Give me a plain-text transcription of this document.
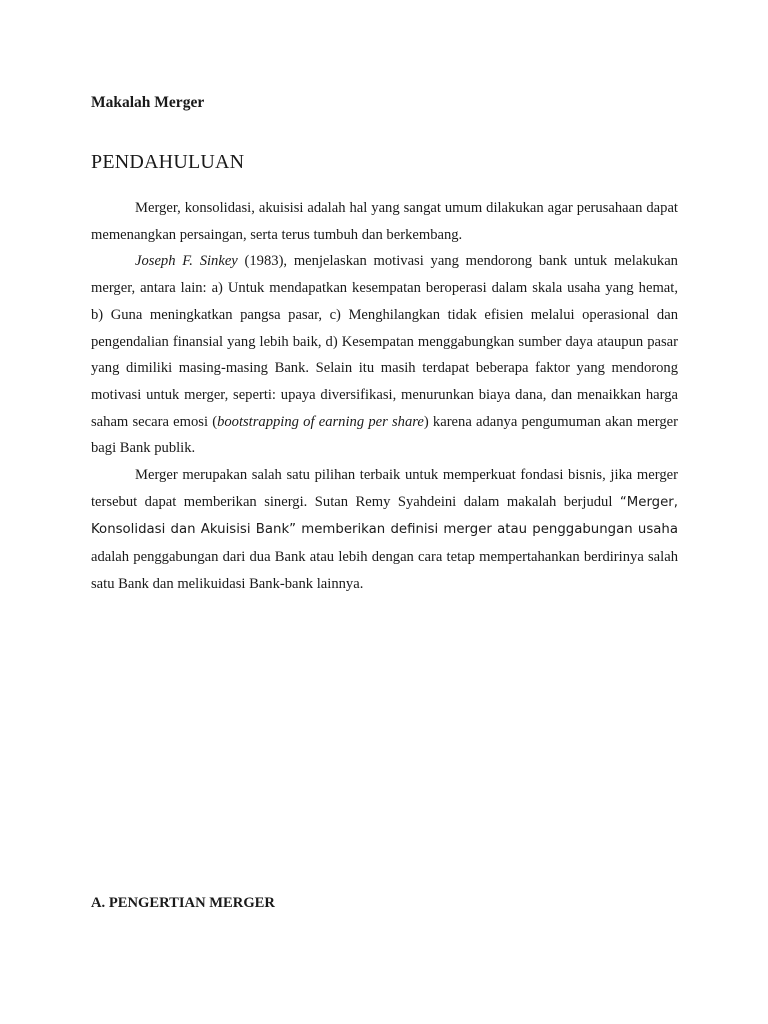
Makalah Merger
PENDAHULUAN

Merger, konsolidasi, akuisisi adalah hal yang sangat umum dilakukan agar perusahaan dapat memenangkan persaingan, serta terus tumbuh dan berkembang.

Joseph F. Sinkey (1983), menjelaskan motivasi yang mendorong bank untuk melakukan merger, antara lain: a) Untuk mendapatkan kesempatan beroperasi dalam skala usaha yang hemat, b) Guna meningkatkan pangsa pasar, c) Menghilangkan tidak efisien melalui operasional dan pengendalian finansial yang lebih baik, d) Kesempatan menggabungkan sumber daya ataupun pasar yang dimiliki masing-masing Bank. Selain itu masih terdapat beberapa faktor yang mendorong motivasi untuk merger, seperti: upaya diversifikasi, menurunkan biaya dana, dan menaikkan harga saham secara emosi (bootstrapping of earning per share) karena adanya pengumuman akan merger bagi Bank publik.

Merger merupakan salah satu pilihan terbaik untuk memperkuat fondasi bisnis, jika merger tersebut dapat memberikan sinergi. Sutan Remy Syahdeini dalam makalah berjudul “Merger, Konsolidasi dan Akuisisi Bank” memberikan definisi merger atau penggabungan usaha adalah penggabungan dari dua Bank atau lebih dengan cara tetap mempertahankan berdirinya salah satu Bank dan melikuidasi Bank-bank lainnya.

A. PENGERTIAN MERGER
